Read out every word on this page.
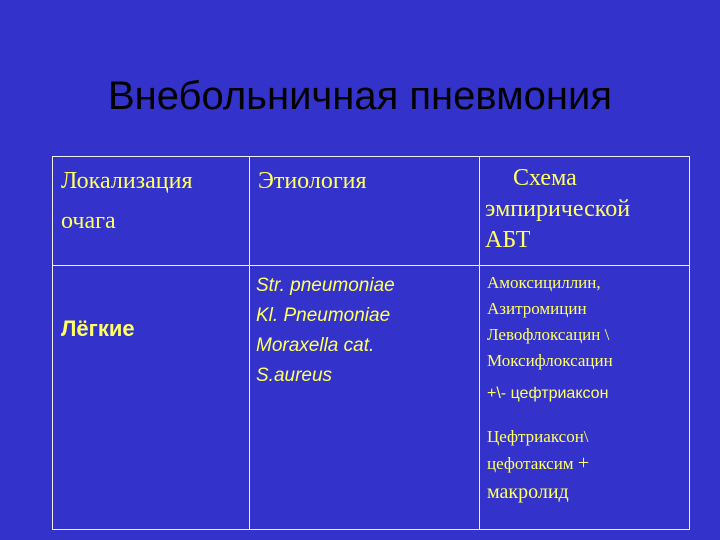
Внебольничная пневмония
Локализация
очага
Этиология	Схема
эмпирической
АБТ
Лёгкие
Str. pneumoniae
Kl. Pneumoniae
Moraxella cat.
S.aureus
Амоксициллин,
Азитромицин
Левофлоксацин \
Моксифлоксацин
+\- цефтриаксон
Цефтриаксон\
цефотаксим +
макролид
